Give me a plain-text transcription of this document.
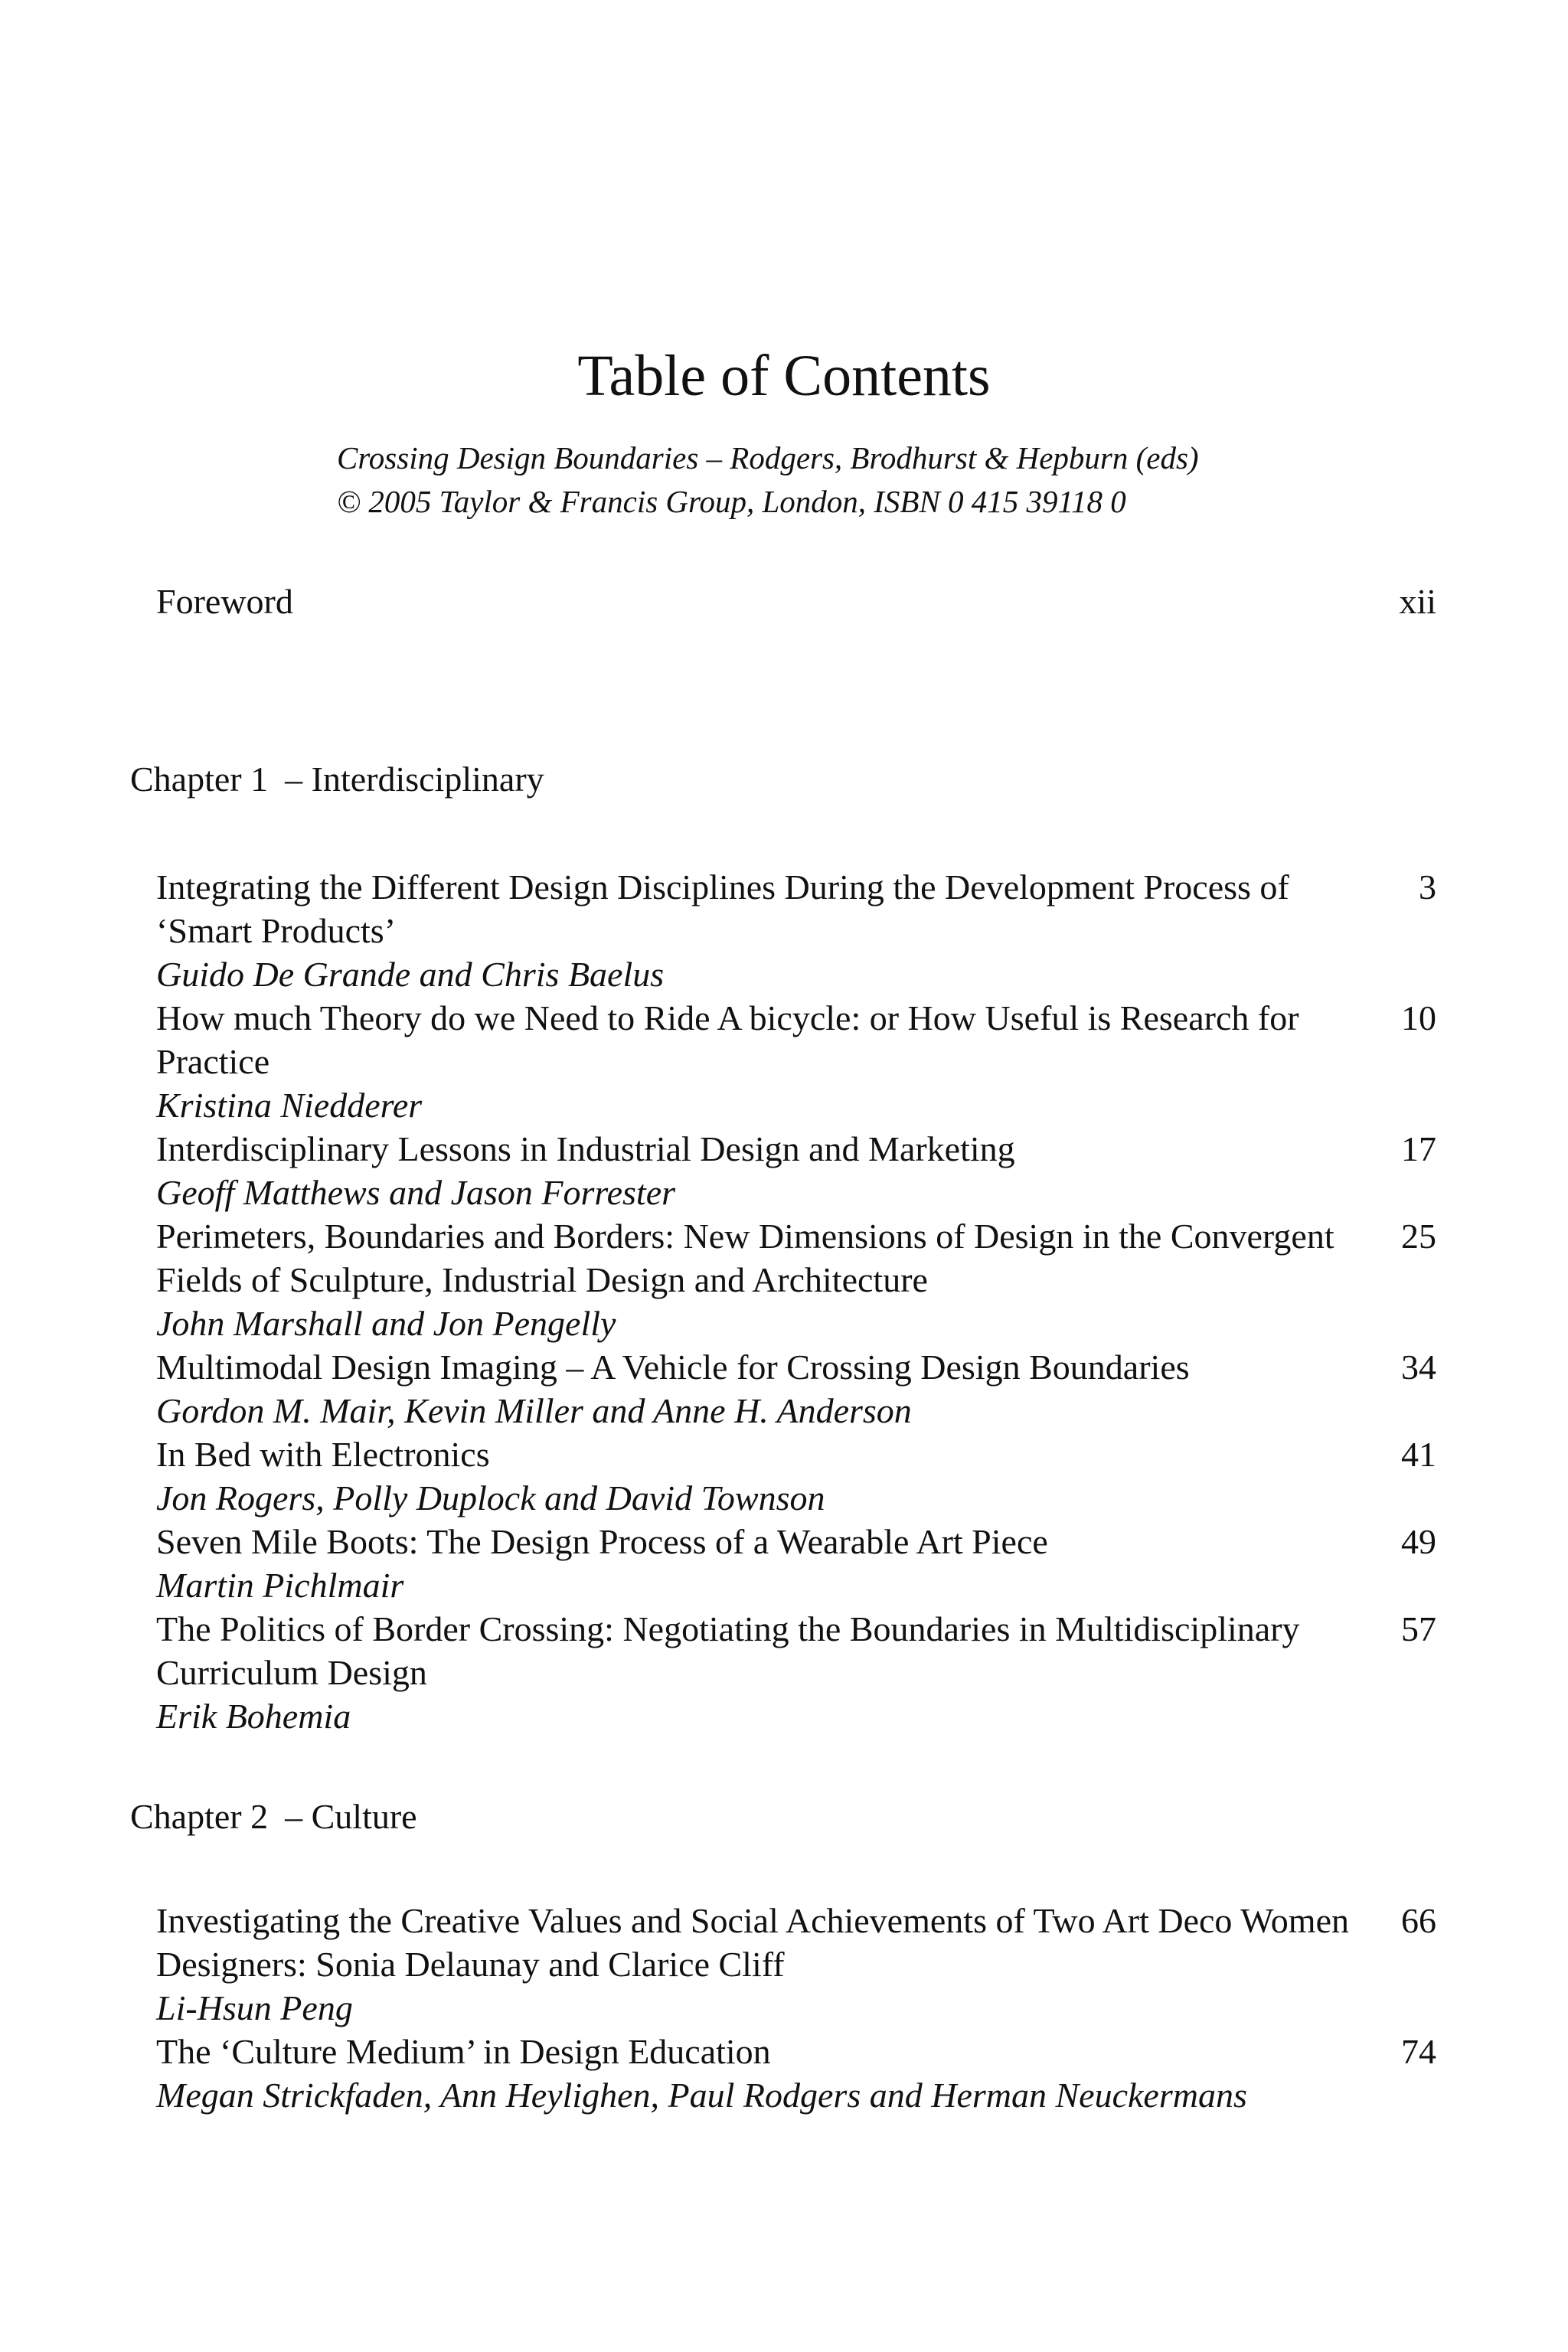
Table of Contents
Crossing Design Boundaries – Rodgers, Brodhurst & Hepburn (eds)
© 2005 Taylor & Francis Group, London, ISBN 0 415 39118 0
Foreword	xii
Chapter 1 – Interdisciplinary
Integrating the Different Design Disciplines During the Development Process of ‘Smart Products’
Guido De Grande and Chris Baelus
3
How much Theory do we Need to Ride A bicycle: or How Useful is Research for Practice
Kristina Niedderer
10
Interdisciplinary Lessons in Industrial Design and Marketing
Geoff Matthews and Jason Forrester
17
Perimeters, Boundaries and Borders: New Dimensions of Design in the Convergent Fields of Sculpture, Industrial Design and Architecture
John Marshall and Jon Pengelly
25
Multimodal Design Imaging – A Vehicle for Crossing Design Boundaries
Gordon M. Mair, Kevin Miller and Anne H. Anderson
34
In Bed with Electronics
Jon Rogers, Polly Duplock and David Townson
41
Seven Mile Boots: The Design Process of a Wearable Art Piece
Martin Pichlmair
49
The Politics of Border Crossing: Negotiating the Boundaries in Multidisciplinary Curriculum Design
Erik Bohemia
57
Chapter 2 – Culture
Investigating the Creative Values and Social Achievements of Two Art Deco Women Designers: Sonia Delaunay and Clarice Cliff
Li-Hsun Peng
66
The ‘Culture Medium’ in Design Education
Megan Strickfaden, Ann Heylighen, Paul Rodgers and Herman Neuckermans
74
